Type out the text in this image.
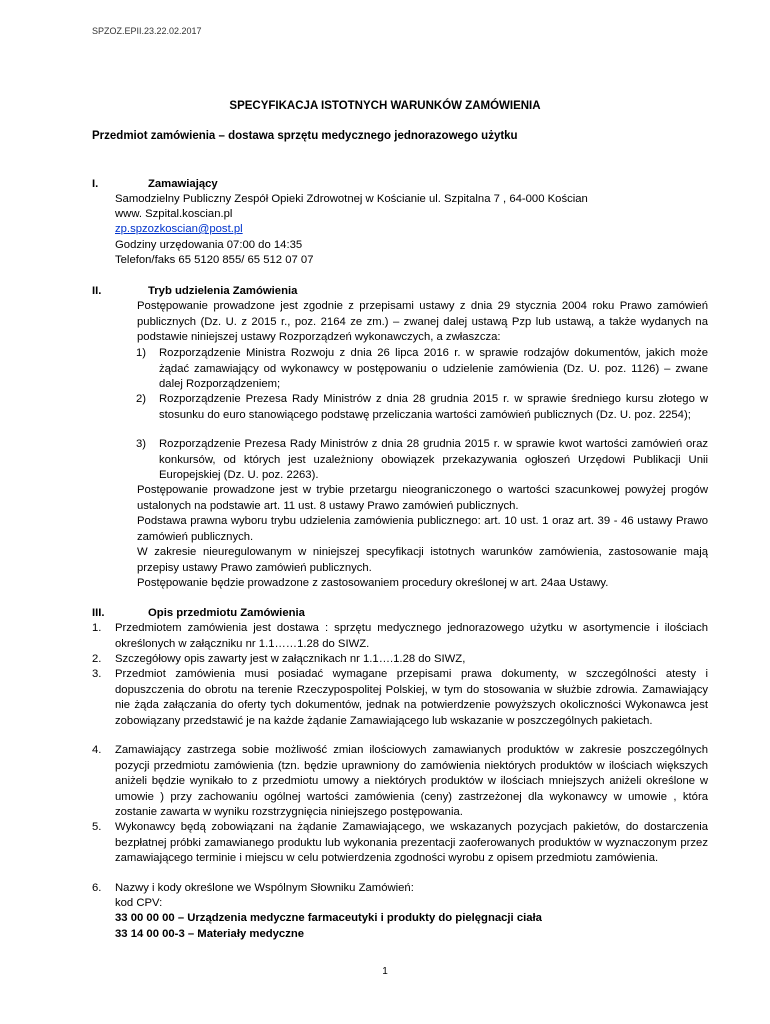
SPZOZ.EPII.23.22.02.2017
SPECYFIKACJA ISTOTNYCH WARUNKÓW ZAMÓWIENIA
Przedmiot zamówienia – dostawa sprzętu medycznego jednorazowego użytku
I.	Zamawiający
Samodzielny Publiczny Zespół Opieki Zdrowotnej w Kościanie ul. Szpitalna 7 , 64-000 Kościan
www. Szpital.koscian.pl
zp.spzozkoscian@post.pl
Godziny urzędowania 07:00 do 14:35
Telefon/faks 65 5120 855/ 65 512 07 07
II.	Tryb udzielenia Zamówienia
Postępowanie prowadzone jest zgodnie z przepisami ustawy z dnia 29 stycznia 2004 roku Prawo zamówień publicznych (Dz. U. z 2015 r., poz. 2164 ze zm.) – zwanej dalej ustawą Pzp lub ustawą, a także wydanych na podstawie niniejszej ustawy Rozporządzeń wykonawczych, a zwłaszcza:
1) Rozporządzenie Ministra Rozwoju z dnia 26 lipca 2016 r. w sprawie rodzajów dokumentów, jakich może żądać zamawiający od wykonawcy w postępowaniu o udzielenie zamówienia (Dz. U. poz. 1126) – zwane dalej Rozporządzeniem;
2) Rozporządzenie Prezesa Rady Ministrów z dnia 28 grudnia 2015 r. w sprawie średniego kursu złotego w stosunku do euro stanowiącego podstawę przeliczania wartości zamówień publicznych (Dz. U. poz. 2254);
3) Rozporządzenie Prezesa Rady Ministrów z dnia 28 grudnia 2015 r. w sprawie kwot wartości zamówień oraz konkursów, od których jest uzależniony obowiązek przekazywania ogłoszeń Urzędowi Publikacji Unii Europejskiej (Dz. U. poz. 2263).
Postępowanie prowadzone jest w trybie przetargu nieograniczonego o wartości szacunkowej powyżej progów ustalonych na podstawie art. 11 ust. 8 ustawy Prawo zamówień publicznych.
Podstawa prawna wyboru trybu udzielenia zamówienia publicznego: art. 10 ust. 1 oraz art. 39 - 46 ustawy Prawo zamówień publicznych.
W zakresie nieuregulowanym w niniejszej specyfikacji istotnych warunków zamówienia, zastosowanie mają przepisy ustawy Prawo zamówień publicznych.
Postępowanie będzie prowadzone z zastosowaniem procedury określonej w art. 24aa Ustawy.
III.	Opis przedmiotu Zamówienia
1. Przedmiotem zamówienia jest dostawa : sprzętu medycznego jednorazowego użytku w asortymencie i ilościach określonych w załączniku nr 1.1……1.28 do SIWZ.
2. Szczegółowy opis zawarty jest w załącznikach nr 1.1….1.28 do SIWZ,
3. Przedmiot zamówienia musi posiadać wymagane przepisami prawa dokumenty, w szczególności atesty i dopuszczenia do obrotu na terenie Rzeczypospolitej Polskiej, w tym do stosowania w służbie zdrowia. Zamawiający nie żąda załączania do oferty tych dokumentów, jednak na potwierdzenie powyższych okoliczności Wykonawca jest zobowiązany przedstawić je na każde żądanie Zamawiającego lub wskazanie w poszczególnych pakietach.
4. Zamawiający zastrzega sobie możliwość zmian ilościowych zamawianych produktów w zakresie poszczególnych pozycji przedmiotu zamówienia (tzn. będzie uprawniony do zamówienia niektórych produktów w ilościach większych aniżeli będzie wynikało to z przedmiotu umowy a niektórych produktów w ilościach mniejszych aniżeli określone w umowie ) przy zachowaniu ogólnej wartości zamówienia (ceny) zastrzeżonej dla wykonawcy w umowie , która zostanie zawarta w wyniku rozstrzygnięcia niniejszego postępowania.
5. Wykonawcy będą zobowiązani na żądanie Zamawiającego, we wskazanych pozycjach pakietów, do dostarczenia bezpłatnej próbki zamawianego produktu lub wykonania prezentacji zaoferowanych produktów w wyznaczonym przez zamawiającego terminie i miejscu w celu potwierdzenia zgodności wyrobu z opisem przedmiotu zamówienia.
6. Nazwy i kody określone we Wspólnym Słowniku Zamówień:
kod CPV:
33 00 00 00 – Urządzenia medyczne farmaceutyki i produkty do pielęgnacji ciała
33 14 00 00-3 – Materiały medyczne
1
